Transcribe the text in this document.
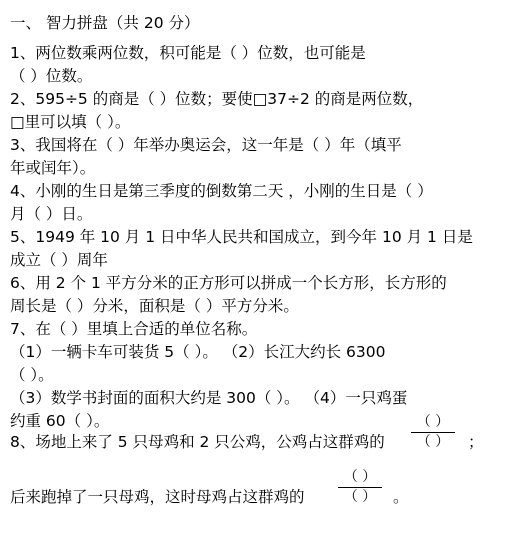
一、 智力拼盘（共 20 分）
1、两位数乘两位数，积可能是（ ）位数，也可能是
（ ）位数。
2、595÷5 的商是（ ）位数；要使□37÷2 的商是两位数，
□里可以填（ ）。
3、我国将在（ ）年举办奥运会，这一年是（ ）年（填平
年或闰年）。
4、小刚的生日是第三季度的倒数第二天 ，小刚的生日是（ ）
月（ ）日。
5、1949 年 10 月 1 日中华人民共和国成立，到今年 10 月 1 日是
成立（ ）周年
6、用 2 个 1 平方分米的正方形可以拼成一个长方形，长方形的
周长是（ ）分米，面积是（ ）平方分米。
7、在（ ）里填上合适的单位名称。
（1）一辆卡车可装货 5（ ）。 （2）长江大约长 6300
（ ）。
（3）数学书封面的面积大约是 300（ ）。 （4）一只鸡蛋
约重 60（ ）。
8、场地上来了 5 只母鸡和 2 只公鸡，公鸡占这群鸡的
（ ）
（ ）	；
后来跑掉了一只母鸡，这时母鸡占这群鸡的
（ ）
（ ）	。
